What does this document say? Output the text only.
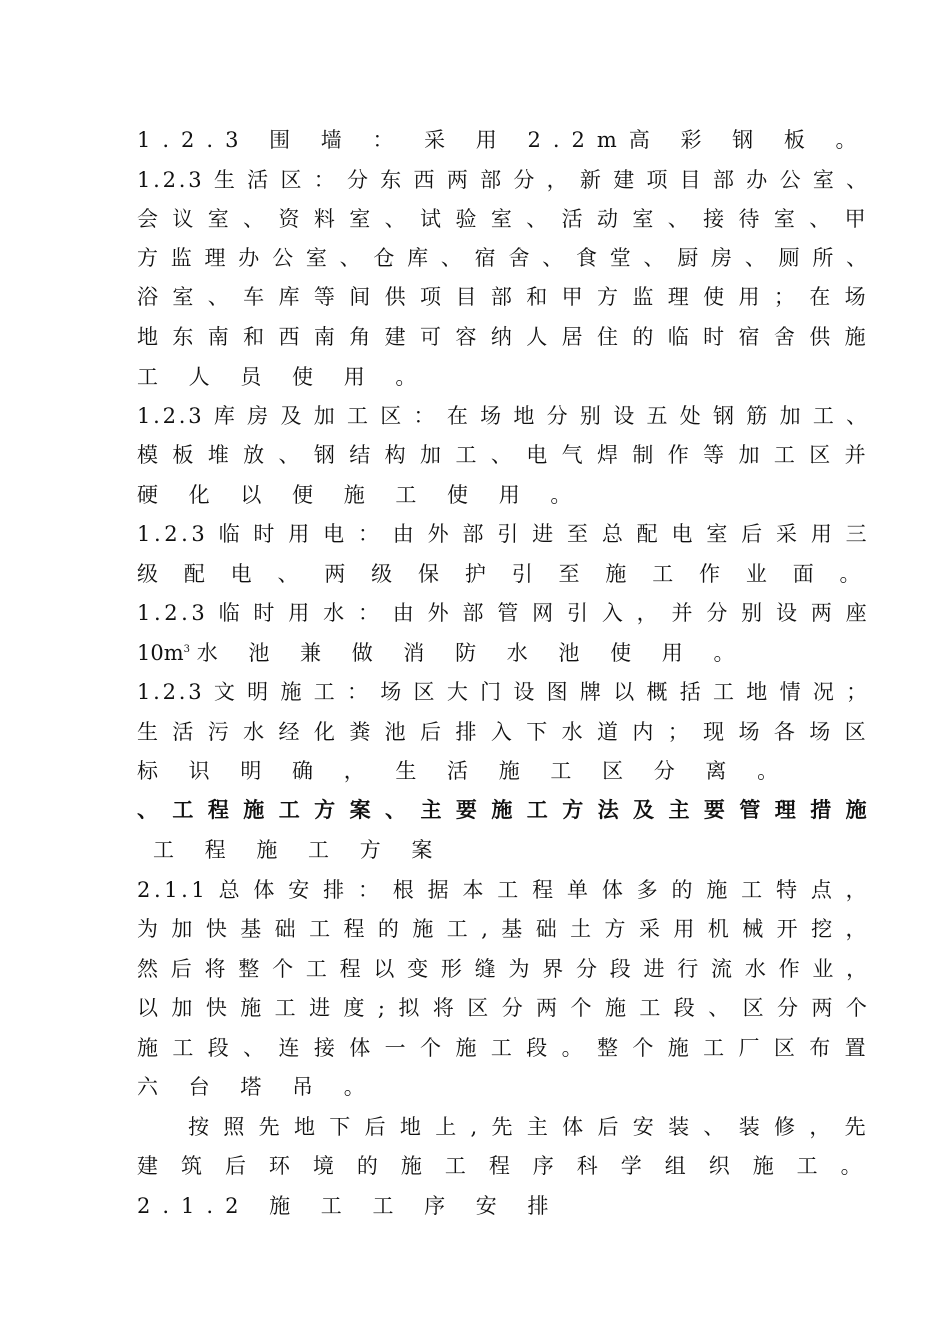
1.2.3 围 墙 ： 采 用 2.2m高 彩 钢 板 。
1.2.3 生 活 区 ： 分 东 西 两 部 分 ， 新 建 项 目 部 办 公 室 、
会 议 室 、 资 料 室 、 试 验 室 、 活 动 室 、 接 待 室 、 甲
方 监 理 办 公 室 、 仓 库 、 宿 舍 、 食 堂 、 厨 房 、 厕 所 、
浴 室 、 车 库 等 间 供 项 目 部 和 甲 方 监 理 使 用 ； 在 场
地 东 南 和 西 南 角 建 可 容 纳 人 居 住 的 临 时 宿 舍 供 施
工 人 员 使 用 。
1.2.3 库 房 及 加 工 区 ： 在 场 地 分 别 设 五 处 钢 筋 加 工 、
模 板 堆 放 、 钢 结 构 加 工 、 电 气 焊 制 作 等 加 工 区 并
硬 化 以 便 施 工 使 用 。
1.2.3 临 时 用 电 ： 由 外 部 引 进 至 总 配 电 室 后 采 用 三
级 配 电 、 两 级 保 护 引 至 施 工 作 业 面 。
1.2.3 临 时 用 水 ： 由 外 部 管 网 引 入 ， 并 分 别 设 两 座
$10m^3$ 水 池 兼 做 消 防 水 池 使 用 。
1.2.3 文 明 施 工 ： 场 区 大 门 设 图 牌 以 概 括 工 地 情 况 ；
生 活 污 水 经 化 粪 池 后 排 入 下 水 道 内 ； 现 场 各 场 区
标 识 明 确 ， 生 活 施 工 区 分 离 。
、 工 程 施 工 方 案 、 主 要 施 工 方 法 及 主 要 管 理 措 施
工 程 施 工 方 案
2.1.1 总 体 安 排 ： 根 据 本 工 程 单 体 多 的 施 工 特 点 ，
为 加 快 基 础 工 程 的 施 工 , 基 础 土 方 采 用 机 械 开 挖 ，
然 后 将 整 个 工 程 以 变 形 缝 为 界 分 段 进 行 流 水 作 业 ，
以 加 快 施 工 进 度 ; 拟 将 区 分 两 个 施 工 段 、 区 分 两 个
施 工 段 、 连 接 体 一 个 施 工 段 。 整 个 施 工 厂 区 布 置
六 台 塔 吊 。
按 照 先 地 下 后 地 上 , 先 主 体 后 安 装 、 装 修 ， 先
建 筑 后 环 境 的 施 工 程 序 科 学 组 织 施 工 。
2.1.2 施 工 工 序 安 排
